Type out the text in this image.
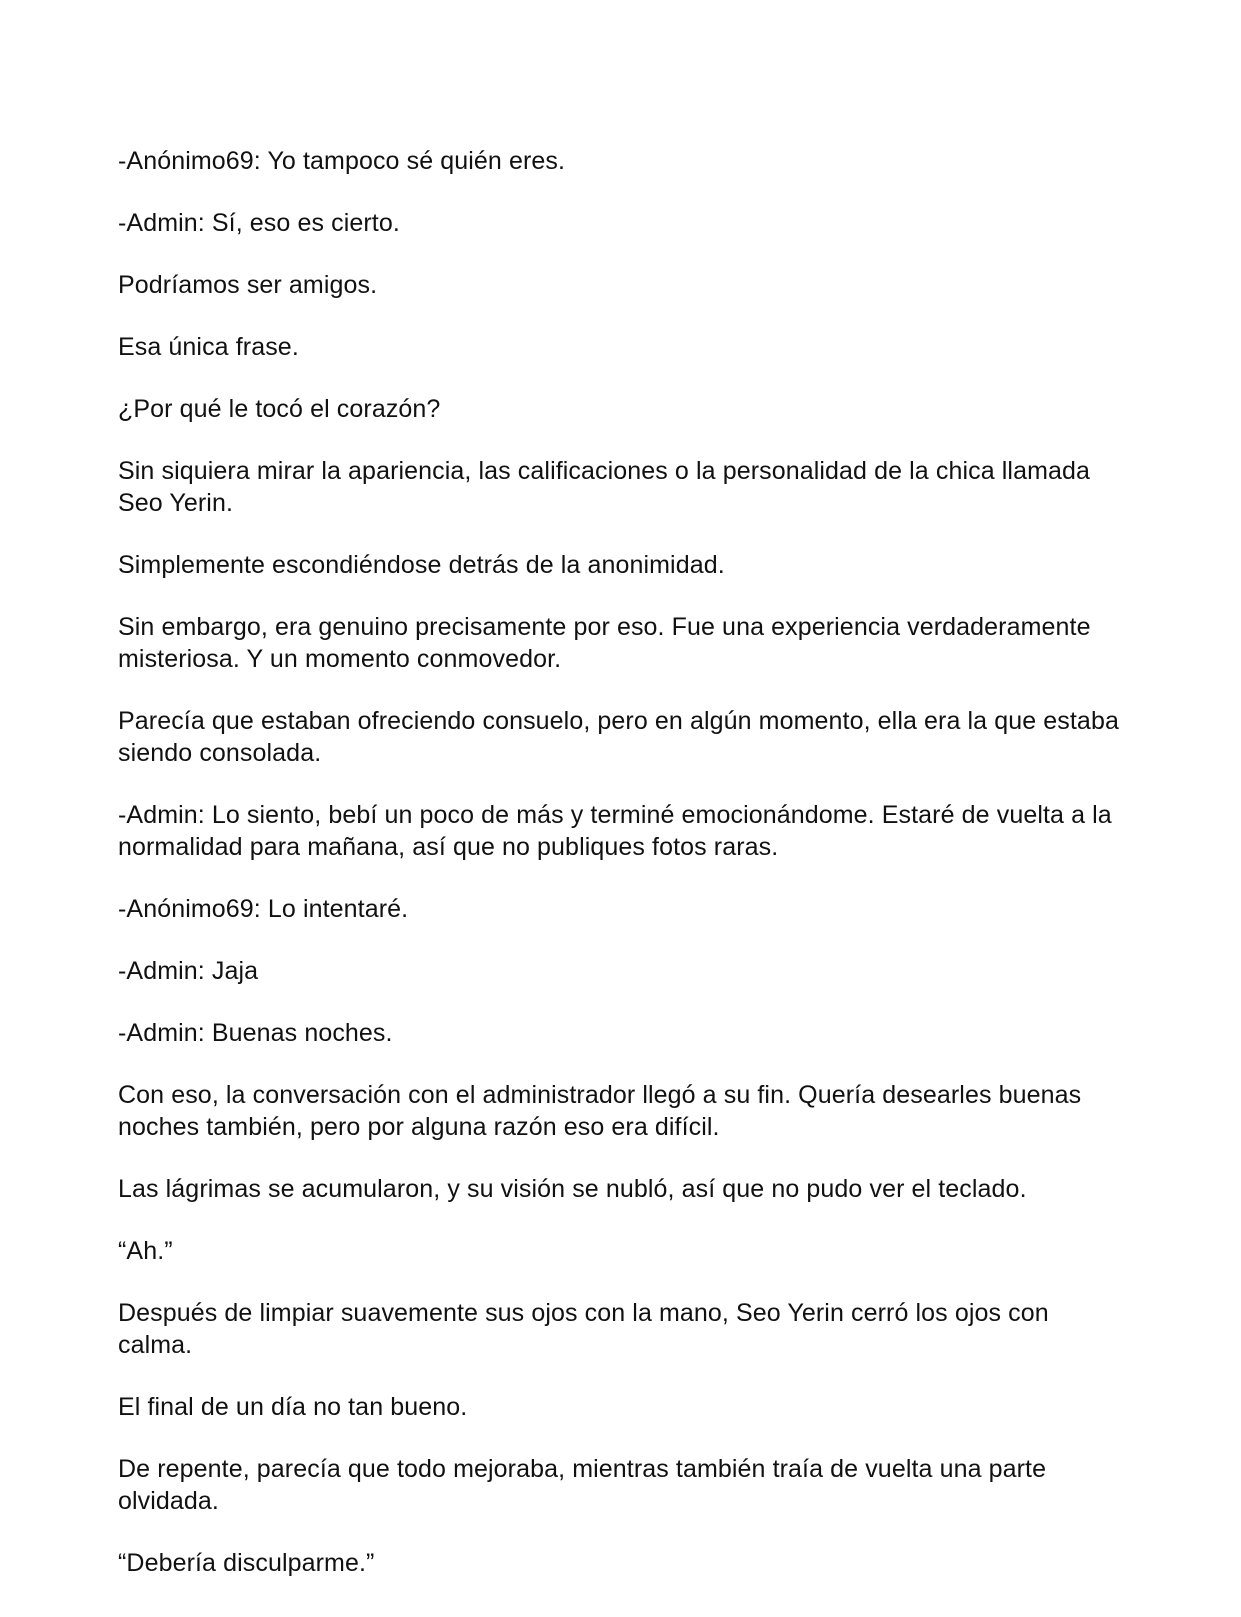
-Anónimo69: Yo tampoco sé quién eres.

-Admin: Sí, eso es cierto.

Podríamos ser amigos.

Esa única frase.

¿Por qué le tocó el corazón?

Sin siquiera mirar la apariencia, las calificaciones o la personalidad de la chica llamada Seo Yerin.

Simplemente escondiéndose detrás de la anonimidad.

Sin embargo, era genuino precisamente por eso. Fue una experiencia verdaderamente misteriosa. Y un momento conmovedor.

Parecía que estaban ofreciendo consuelo, pero en algún momento, ella era la que estaba siendo consolada.

-Admin: Lo siento, bebí un poco de más y terminé emocionándome. Estaré de vuelta a la normalidad para mañana, así que no publiques fotos raras.

-Anónimo69: Lo intentaré.

-Admin: Jaja

-Admin: Buenas noches.

Con eso, la conversación con el administrador llegó a su fin. Quería desearles buenas noches también, pero por alguna razón eso era difícil.

Las lágrimas se acumularon, y su visión se nubló, así que no pudo ver el teclado.

“Ah.”

Después de limpiar suavemente sus ojos con la mano, Seo Yerin cerró los ojos con calma.

El final de un día no tan bueno.

De repente, parecía que todo mejoraba, mientras también traía de vuelta una parte olvidada.

“Debería disculparme.”
